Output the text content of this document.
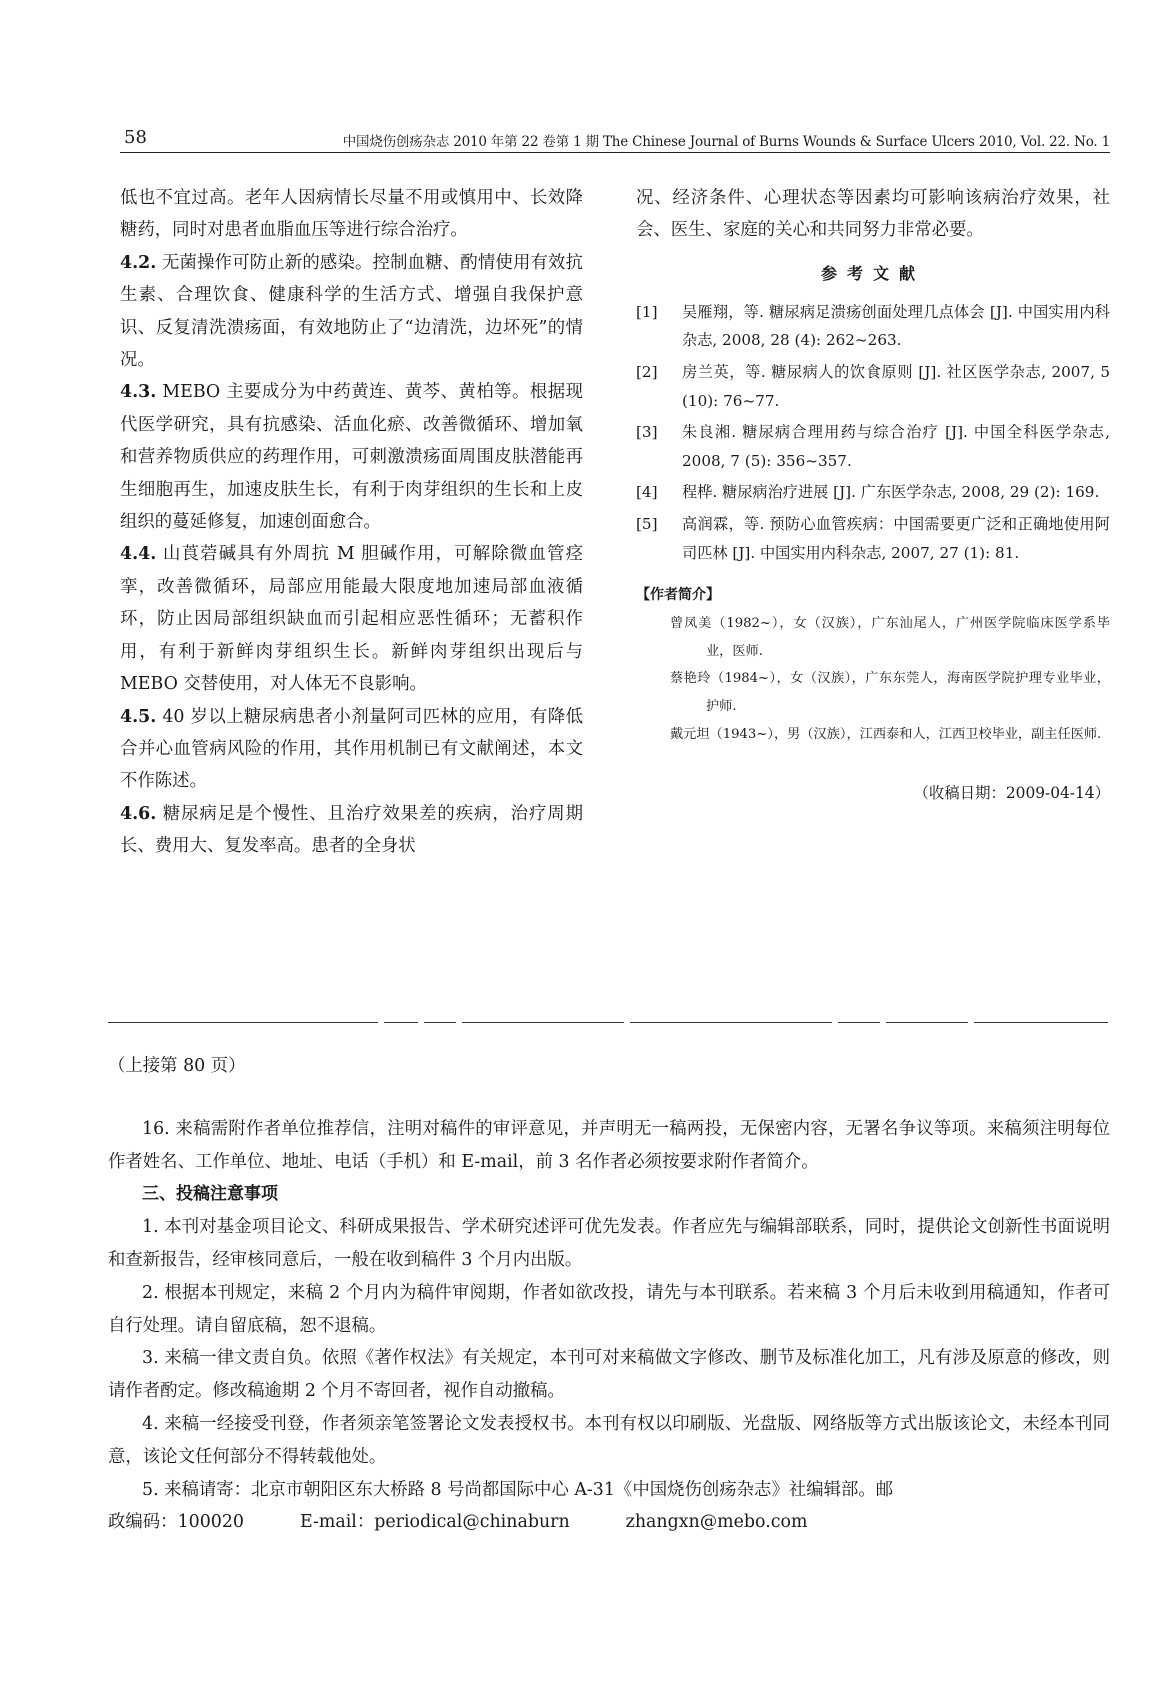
58	中国烧伤创疡杂志 2010 年第 22 卷第 1 期 The Chinese Journal of Burns Wounds & Surface Ulcers 2010, Vol. 22. No. 1

低也不宜过高。老年人因病情长尽量不用或慎用中、长效降糖药，同时对患者血脂血压等进行综合治疗。

4.2. 无菌操作可防止新的感染。控制血糖、酌情使用有效抗生素、合理饮食、健康科学的生活方式、增强自我保护意识、反复清洗溃疡面，有效地防止了“边清洗，边坏死”的情况。

4.3. MEBO 主要成分为中药黄连、黄芩、黄柏等。根据现代医学研究，具有抗感染、活血化瘀、改善微循环、增加氧和营养物质供应的药理作用，可刺激溃疡面周围皮肤潜能再生细胞再生，加速皮肤生长，有利于肉芽组织的生长和上皮组织的蔓延修复，加速创面愈合。

4.4. 山莨菪碱具有外周抗 M 胆碱作用，可解除微血管痉挛，改善微循环，局部应用能最大限度地加速局部血液循环，防止因局部组织缺血而引起相应恶性循环；无蓄积作用，有利于新鲜肉芽组织生长。新鲜肉芽组织出现后与 MEBO 交替使用，对人体无不良影响。

4.5. 40 岁以上糖尿病患者小剂量阿司匹林的应用，有降低合并心血管病风险的作用，其作用机制已有文献阐述，本文不作陈述。

4.6. 糖尿病足是个慢性、且治疗效果差的疾病，治疗周期长、费用大、复发率高。患者的全身状

况、经济条件、心理状态等因素均可影响该病治疗效果，社会、医生、家庭的关心和共同努力非常必要。

参考文献
[1]	吴雁翔，等. 糖尿病足溃疡创面处理几点体会 [J]. 中国实用内科杂志, 2008, 28 (4): 262~263.
[2]	房兰英，等. 糖尿病人的饮食原则 [J]. 社区医学杂志, 2007, 5 (10): 76~77.
[3]	朱良湘. 糖尿病合理用药与综合治疗 [J]. 中国全科医学杂志, 2008, 7 (5): 356~357.
[4]	程桦. 糖尿病治疗进展 [J]. 广东医学杂志, 2008, 29 (2): 169.
[5]	高润霖，等. 预防心血管疾病：中国需要更广泛和正确地使用阿司匹林 [J]. 中国实用内科杂志, 2007, 27 (1): 81.
【作者简介】
曾凤美（1982~），女（汉族），广东汕尾人，广州医学院临床医学系毕业，医师.
蔡艳玲（1984~），女（汉族），广东东莞人，海南医学院护理专业毕业，护师.
戴元坦（1943~），男（汉族），江西泰和人，江西卫校毕业，副主任医师.
（收稿日期：2009-04-14）

（上接第 80 页）

16. 来稿需附作者单位推荐信，注明对稿件的审评意见，并声明无一稿两投，无保密内容，无署名争议等项。来稿须注明每位作者姓名、工作单位、地址、电话（手机）和 E-mail，前 3 名作者必须按要求附作者简介。

三、投稿注意事项

1. 本刊对基金项目论文、科研成果报告、学术研究述评可优先发表。作者应先与编辑部联系，同时，提供论文创新性书面说明和查新报告，经审核同意后，一般在收到稿件 3 个月内出版。

2. 根据本刊规定，来稿 2 个月内为稿件审阅期，作者如欲改投，请先与本刊联系。若来稿 3 个月后未收到用稿通知，作者可自行处理。请自留底稿，恕不退稿。

3. 来稿一律文责自负。依照《著作权法》有关规定，本刊可对来稿做文字修改、删节及标准化加工，凡有涉及原意的修改，则请作者酌定。修改稿逾期 2 个月不寄回者，视作自动撤稿。

4. 来稿一经接受刊登，作者须亲笔签署论文发表授权书。本刊有权以印刷版、光盘版、网络版等方式出版该论文，未经本刊同意，该论文任何部分不得转载他处。

5. 来稿请寄：北京市朝阳区东大桥路 8 号尚都国际中心 A-31《中国烧伤创疡杂志》社编辑部。邮

政编码：100020	E-mail：periodical@chinaburn	zhangxn@mebo.com
